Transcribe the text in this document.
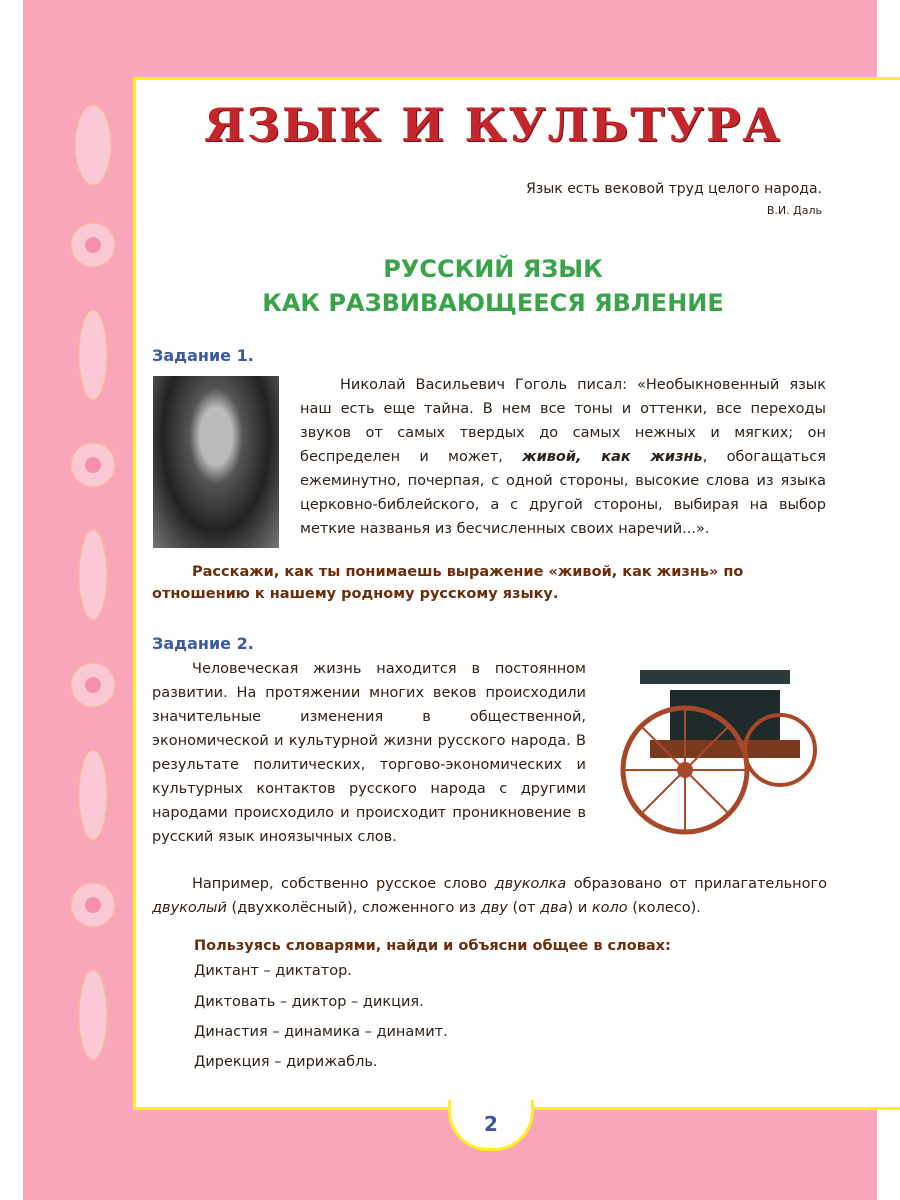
ЯЗЫК И КУЛЬТУРА
Язык есть вековой труд целого народа.
В.И. Даль
РУССКИЙ ЯЗЫК
КАК РАЗВИВАЮЩЕЕСЯ ЯВЛЕНИЕ
Задание 1.
Николай Васильевич Гоголь писал: «Необыкновенный язык наш есть еще тайна. В нем все тоны и оттенки, все переходы звуков от самых твердых до самых нежных и мягких; он беспределен и может, живой, как жизнь, обогащаться ежеминутно, почерпая, с одной стороны, высокие слова из языка церковно-библейского, а с другой стороны, выбирая на выбор меткие названья из бесчисленных своих наречий...».
Расскажи, как ты понимаешь выражение «живой, как жизнь» по отношению к нашему родному русскому языку.
Задание 2.
Человеческая жизнь находится в постоянном развитии. На протяжении многих веков происходили значительные изменения в общественной, экономической и культурной жизни русского народа. В результате политических, торгово-экономических и культурных контактов русского народа с другими народами происходило и происходит проникновение в русский язык иноязычных слов.
Например, собственно русское слово двуколка образовано от прилагательного двуколый (двухколёсный), сложенного из дву (от два) и коло (колесо).
Пользуясь словарями, найди и объясни общее в словах:
Диктант – диктатор.
Диктовать – диктор – дикция.
Династия – динамика – динамит.
Дирекция – дирижабль.
2
